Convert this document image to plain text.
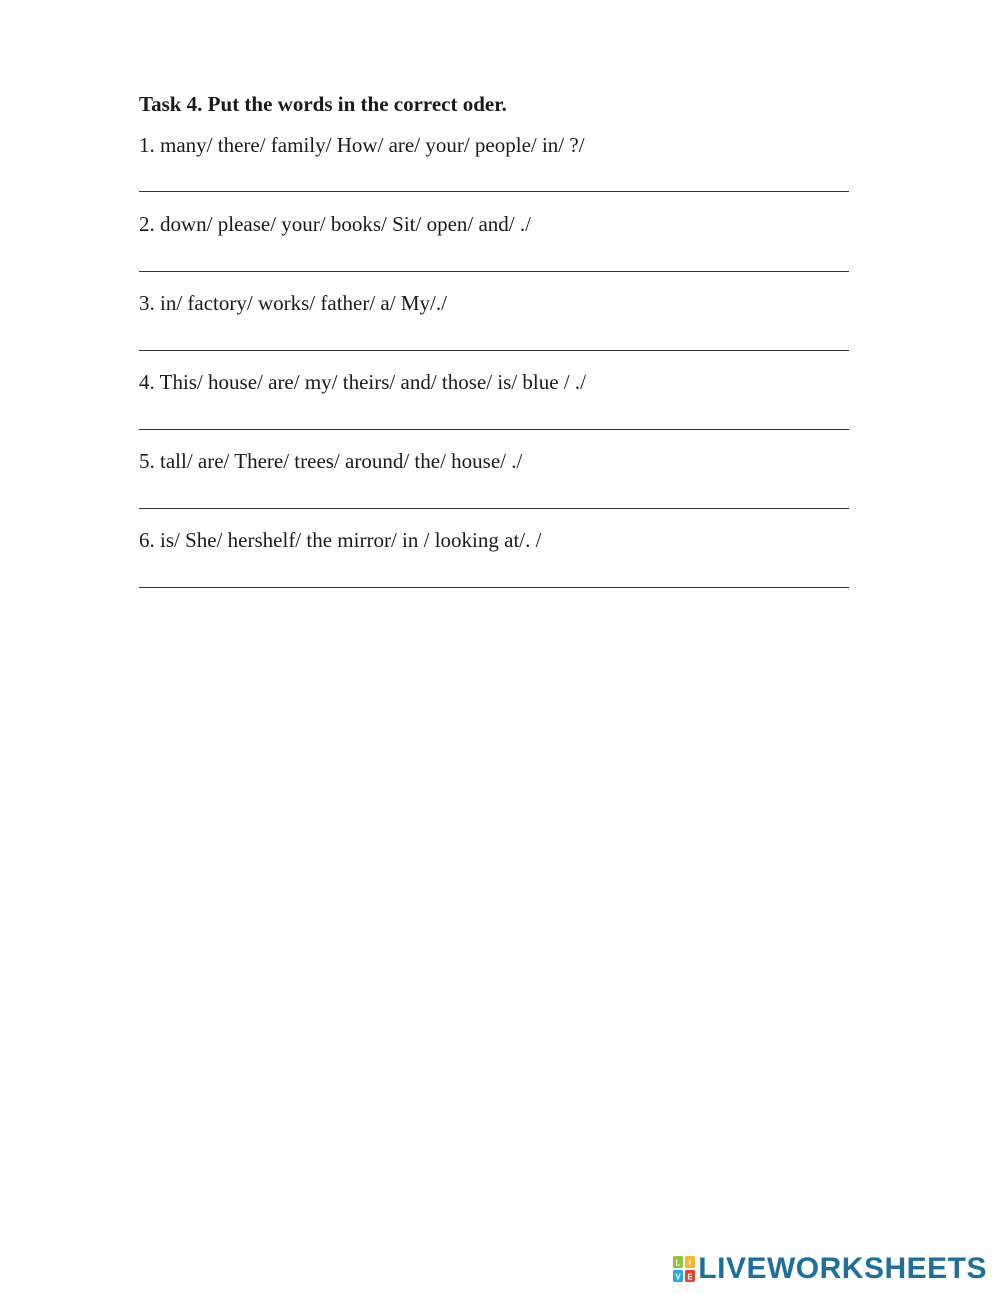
Task 4. Put the words in the correct oder.
1. many/ there/ family/ How/ are/ your/ people/ in/ ?/
2. down/ please/ your/ books/ Sit/ open/ and/ ./
3. in/ factory/ works/ father/ a/ My/./
4. This/ house/ are/ my/ theirs/ and/ those/ is/ blue / ./
5. tall/ are/ There/ trees/ around/ the/ house/ ./
6. is/ She/ hershelf/ the mirror/ in / looking at/. /
L I
V E LIVEWORKSHEETS
